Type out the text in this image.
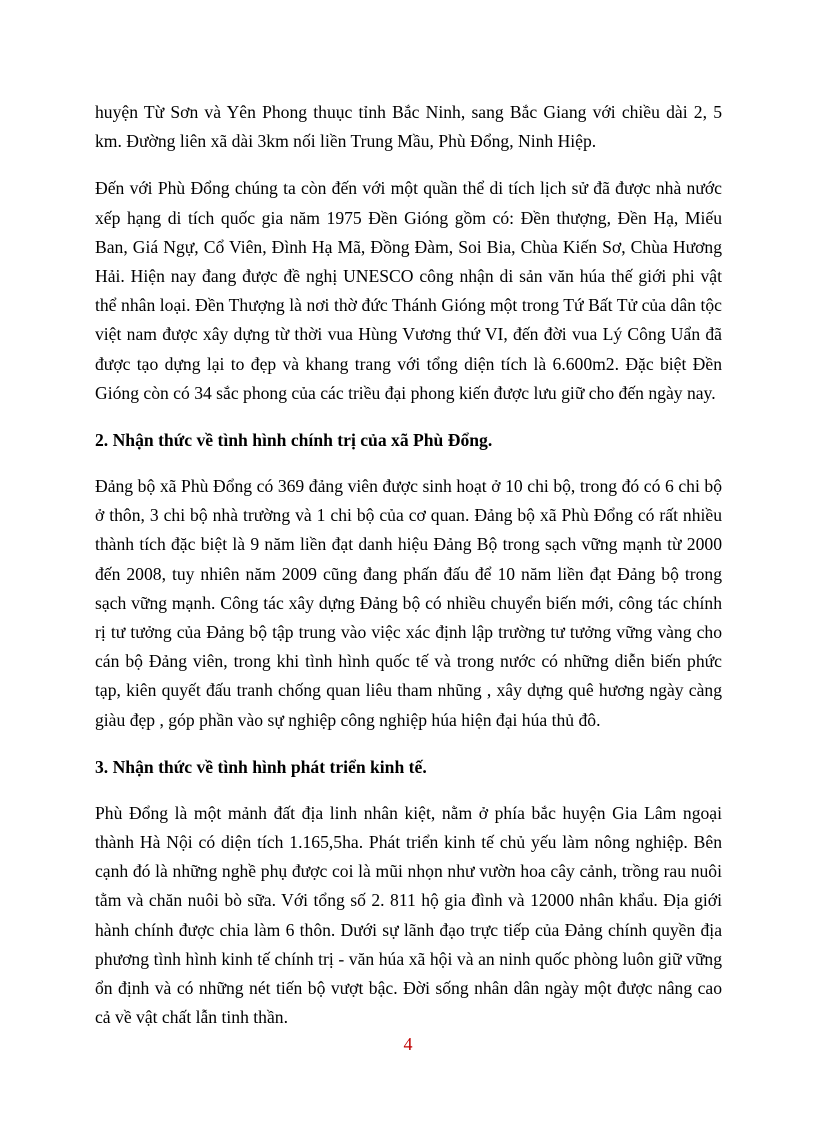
huyện Từ Sơn và Yên Phong thuục tỉnh Bắc Ninh, sang Bắc Giang với chiều dài 2, 5 km. Đường liên xã dài 3km nối liền Trung Mầu, Phù Đổng, Ninh Hiệp.

Đến với Phù Đổng chúng ta còn đến với một quần thể di tích lịch sử đã được nhà nước xếp hạng di tích quốc gia năm 1975 Đền Gióng gồm có: Đền thượng, Đền Hạ, Miếu Ban, Giá Ngự, Cổ Viên, Đình Hạ Mã, Đồng Đàm, Soi Bia, Chùa Kiến Sơ, Chùa Hương Hải. Hiện nay đang được đề nghị UNESCO công nhận di sản văn húa thế giới phi vật thể nhân loại. Đền Thượng là nơi thờ đức Thánh Gióng một trong Tứ Bất Tử của dân tộc việt nam được xây dựng từ thời vua Hùng Vương thứ VI, đến đời vua Lý Công Uẩn đã được tạo dựng lại to đẹp và khang trang với tổng diện tích là 6.600m2. Đặc biệt Đền Gióng còn có 34 sắc phong của các triều đại phong kiến được lưu giữ cho đến ngày nay.

2. Nhận thức về tình hình chính trị của xã Phù Đổng.

Đảng bộ xã Phù Đổng có 369 đảng viên được sinh hoạt ở 10 chi bộ, trong đó có 6 chi bộ ở thôn, 3 chi bộ nhà trường và 1 chi bộ của cơ quan. Đảng bộ xã Phù Đổng có rất nhiều thành tích đặc biệt là 9 năm liền đạt danh hiệu Đảng Bộ trong sạch vững mạnh từ 2000 đến 2008, tuy nhiên năm 2009 cũng đang phấn đấu để 10 năm liền đạt Đảng bộ trong sạch vững mạnh. Công tác xây dựng Đảng bộ có nhiều chuyển biến mới, công tác chính rị tư tưởng của Đảng bộ tập trung vào việc xác định lập trường tư tưởng vững vàng cho cán bộ Đảng viên, trong khi tình hình quốc tế và trong nước có những diễn biến phức tạp, kiên quyết đấu tranh chống quan liêu tham nhũng , xây dựng quê hương ngày càng giàu đẹp , góp phần vào sự nghiệp công nghiệp húa hiện đại húa thủ đô.

3. Nhận thức về tình hình phát triển kinh tế.

Phù Đổng là một mảnh đất địa linh nhân kiệt, nằm ở phía bắc huyện Gia Lâm ngoại thành Hà Nội có diện tích 1.165,5ha. Phát triển kinh tế chủ yếu làm nông nghiệp. Bên cạnh đó là những nghề phụ được coi là mũi nhọn như vườn hoa cây cảnh, trồng rau nuôi tằm và chăn nuôi bò sữa. Với tổng số 2. 811 hộ gia đình và 12000 nhân khẩu. Địa giới hành chính được chia làm 6 thôn. Dưới sự lãnh đạo trực tiếp của Đảng chính quyền địa phương tình hình kinh tế chính trị - văn húa xã hội và an ninh quốc phòng luôn giữ vững ổn định và có những nét tiến bộ vượt bậc. Đời sống nhân dân ngày một được nâng cao cả về vật chất lẫn tinh thần.

4
